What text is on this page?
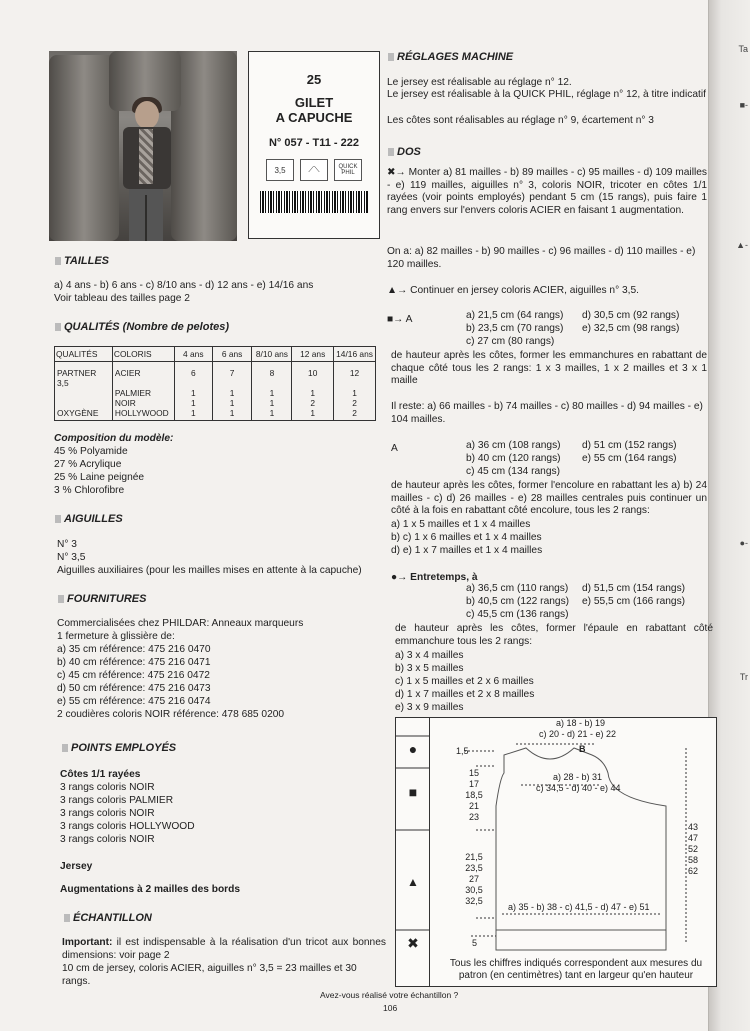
Ta
■-
▲-
●-
Tr
25
GILET
A CAPUCHE
N° 057 - T11 - 222
3,5	⟋⟍	QUICK PHIL
TAILLES
a) 4 ans - b) 6 ans - c) 8/10 ans - d) 12 ans - e) 14/16 ans
Voir tableau des tailles page 2
QUALITÉS (Nombre de pelotes)
QUALITÉS	COLORIS	4 ans	6 ans	8/10 ans	12 ans	14/16 ans
PARTNER 3,5	ACIER	6	7	8	10	12
	PALMIER	1	1	1	1	1
	NOIR	1	1	1	2	2
OXYGÈNE	HOLLYWOOD	1	1	1	1	2
Composition du modèle:
45 % Polyamide
27 % Acrylique
25 % Laine peignée
3 % Chlorofibre
AIGUILLES
N° 3
N° 3,5
Aiguilles auxiliaires (pour les mailles mises en attente à la capuche)
FOURNITURES
Commercialisées chez PHILDAR: Anneaux marqueurs
1 fermeture à glissière de:
a) 35 cm référence: 475 216 0470
b) 40 cm référence: 475 216 0471
c) 45 cm référence: 475 216 0472
d) 50 cm référence: 475 216 0473
e) 55 cm référence: 475 216 0474
2 coudières coloris NOIR référence: 478 685 0200
POINTS EMPLOYÉS
Côtes 1/1 rayées
3 rangs coloris NOIR
3 rangs coloris PALMIER
3 rangs coloris NOIR
3 rangs coloris HOLLYWOOD
3 rangs coloris NOIR
Jersey
Augmentations à 2 mailles des bords
ÉCHANTILLON
Important: il est indispensable à la réalisation d'un tricot aux bonnes dimensions: voir page 2
10 cm de jersey, coloris ACIER, aiguilles n° 3,5 = 23 mailles et 30 rangs.
RÉGLAGES MACHINE
Le jersey est réalisable au réglage n° 12.
Le jersey est réalisable à la QUICK PHIL, réglage n° 12, à titre indicatif
Les côtes sont réalisables au réglage n° 9, écartement n° 3
DOS
✖→ Monter a) 81 mailles - b) 89 mailles - c) 95 mailles - d) 109 mailles - e) 119 mailles, aiguilles n° 3, coloris NOIR, tricoter en côtes 1/1 rayées (voir points employés) pendant 5 cm (15 rangs), puis faire 1 rang envers sur l'envers coloris ACIER en faisant 1 augmentation.
On a: a) 82 mailles - b) 90 mailles - c) 96 mailles - d) 110 mailles - e) 120 mailles.
▲→ Continuer en jersey coloris ACIER, aiguilles n° 3,5.
■→ A	a) 21,5 cm (64 rangs) d) 30,5 cm (92 rangs)
b) 23,5 cm (70 rangs) e) 32,5 cm (98 rangs)
c) 27 cm (80 rangs)
de hauteur après les côtes, former les emmanchures en rabattant de chaque côté tous les 2 rangs: 1 x 3 mailles, 1 x 2 mailles et 3 x 1 maille
Il reste: a) 66 mailles - b) 74 mailles - c) 80 mailles - d) 94 mailles - e) 104 mailles.
A	a) 36 cm (108 rangs) d) 51 cm (152 rangs)
b) 40 cm (120 rangs) e) 55 cm (164 rangs)
c) 45 cm (134 rangs)
de hauteur après les côtes, former l'encolure en rabattant les a) b) 24 mailles - c) d) 26 mailles - e) 28 mailles centrales puis continuer un côté à la fois en rabattant côté encolure, tous les 2 rangs:
a) 1 x 5 mailles et 1 x 4 mailles
b) c) 1 x 6 mailles et 1 x 4 mailles
d) e) 1 x 7 mailles et 1 x 4 mailles
●→ Entretemps, à
a) 36,5 cm (110 rangs) d) 51,5 cm (154 rangs)
b) 40,5 cm (122 rangs) e) 55,5 cm (166 rangs)
c) 45,5 cm (136 rangs)
de hauteur après les côtes, former l'épaule en rabattant côté emmanchure tous les 2 rangs:
a) 3 x 4 mailles
b) 3 x 5 mailles
c) 1 x 5 mailles et 2 x 6 mailles
d) 1 x 7 mailles et 2 x 8 mailles
e) 3 x 9 mailles
●
■
▲
✖
a) 18 - b) 19
c) 20 - d) 21 - e) 22
B
1,5
a) 28 - b) 31
c) 34,5 - d) 40 - e) 44
15
17
18,5
21
23
21,5
23,5
27
30,5
32,5
43
47
52
58
62
a) 35 - b) 38 - c) 41,5 - d) 47 - e) 51
5
Tous les chiffres indiqués correspondent aux mesures du patron (en centimètres) tant en largeur qu'en hauteur
Avez-vous réalisé votre échantillon ?
106
